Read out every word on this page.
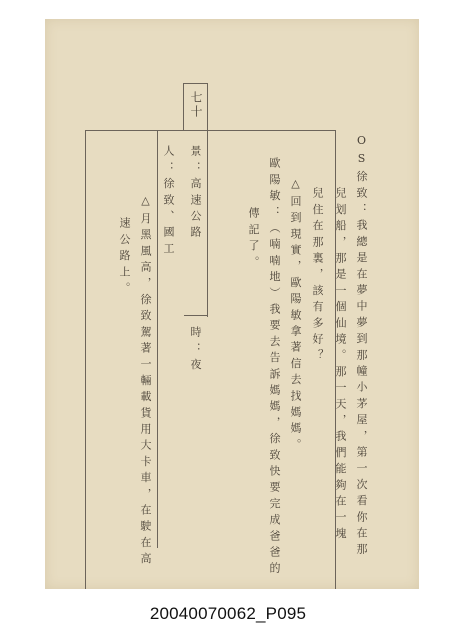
七十
景：高速公路
時：夜
人：徐致、國工	OS徐致：我總是在夢中夢到那幢小茅屋，第一次看你在那
兒划船，那是一個仙境。那一天，我們能夠在一塊
兒住在那裏，該有多好？
△回到現實，歐陽敏拿著信去找媽媽。
歐陽敏：（喃喃地）我要去告訴媽媽，徐致快要完成爸爸的
傳記了。
△月黑風高，徐致駕著一輛載貨用大卡車，在駛在高
速公路上。
20040070062_P095
